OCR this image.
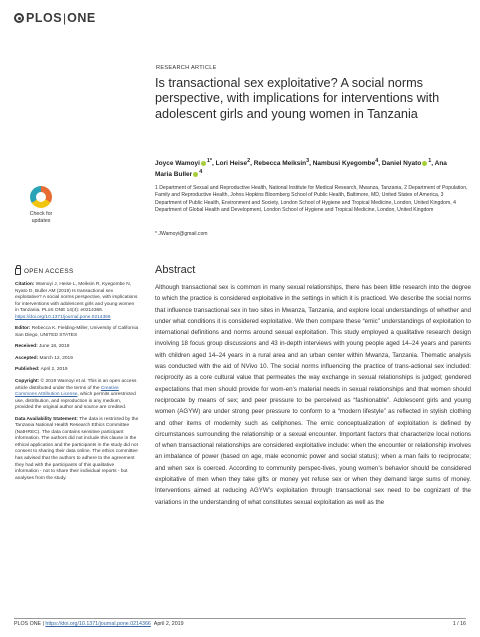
PLOS | ONE
RESEARCH ARTICLE
Is transactional sex exploitative? A social norms perspective, with implications for interventions with adolescent girls and young women in Tanzania
Joyce Wamoyi $^{1*}$, Lori Heise$^2$, Rebecca Meiksin$^3$, Nambusi Kyegombe$^4$, Daniel Nyato $^1$, Ana Maria Buller $^4$
1 Department of Sexual and Reproductive Health, National Institute for Medical Research, Mwanza, Tanzania, 2 Department of Population, Family and Reproductive Health, Johns Hopkins Bloomberg School of Public Health, Baltimore, MD, United States of America, 3 Department of Public Health, Environment and Society, London School of Hygiene and Tropical Medicine, London, United Kingdom, 4 Department of Global Health and Development, London School of Hygiene and Tropical Medicine, London, United Kingdom
* JWamoyi@gmail.com
Check for
updates
OPEN ACCESS
Citation: Wamoyi J, Heise L, Meiksin R, Kyegombe N, Nyato D, Buller AM (2019) Is transactional sex exploitative? A social norms perspective, with implications for interventions with adolescent girls and young women in Tanzania. PLoS ONE 14(4): e0214366. https://doi.org/10.1371/journal.pone.0214366
Editor: Rebecca K. Fielding-Miller, University of California San Diego, UNITED STATES
Received: June 18, 2018
Accepted: March 12, 2019
Published: April 2, 2019
Copyright: © 2019 Wamoyi et al. This is an open access article distributed under the terms of the Creative Commons Attribution License, which permits unrestricted use, distribution, and reproduction in any medium, provided the original author and source are credited.
Data Availability Statement: The data is restricted by the Tanzania National Health Research Ethics Committee (NatHREC). The data contains sensitive participant information. The authors did not include this clause in the ethical application and the participants in the study did not consent to sharing their data online. The ethics committee has advised that the authors to adhere to the agreement they had with the participants of this qualitative information - not to share their individual reports - but analyses from the study.
Abstract

Although transactional sex is common in many sexual relationships, there has been little research into the degree to which the practice is considered exploitative in the settings in which it is practiced. We describe the social norms that influence transactional sex in two sites in Mwanza, Tanzania, and explore local understandings of whether and under what conditions it is considered exploitative. We then compare these “emic” understandings of exploitation to international definitions and norms around sexual exploitation. This study employed a qualitative research design involving 18 focus group discussions and 43 in-depth interviews with young people aged 14–24 years and parents with children aged 14–24 years in a rural area and an urban center within Mwanza, Tanzania. Thematic analysis was conducted with the aid of NVivo 10. The social norms influencing the practice of trans-actional sex included: reciprocity as a core cultural value that permeates the way exchange in sexual relationships is judged; gendered expectations that men should provide for wom-en’s material needs in sexual relationships and that women should reciprocate by means of sex; and peer pressure to be perceived as “fashionable”. Adolescent girls and young women (AGYW) are under strong peer pressure to conform to a “modern lifestyle” as reflected in stylish clothing and other items of modernity such as cellphones. The emic conceptualization of exploitation is defined by circumstances surrounding the relationship or a sexual encounter. Important factors that characterize local notions of when transactional relationships are considered exploitative include: when the encounter or relationship involves an imbalance of power (based on age, male economic power and social status); when a man fails to reciprocate; and when sex is coerced. According to community perspec-tives, young women’s behavior should be considered exploitative of men when they take gifts or money yet refuse sex or when they demand large sums of money. Interventions aimed at reducing AGYW’s exploitation through transactional sex need to be cognizant of the variations in the understanding of what constitutes sexual exploitation as well as the

PLOS ONE | https://doi.org/10.1371/journal.pone.0214366 April 2, 2019	1 / 16
